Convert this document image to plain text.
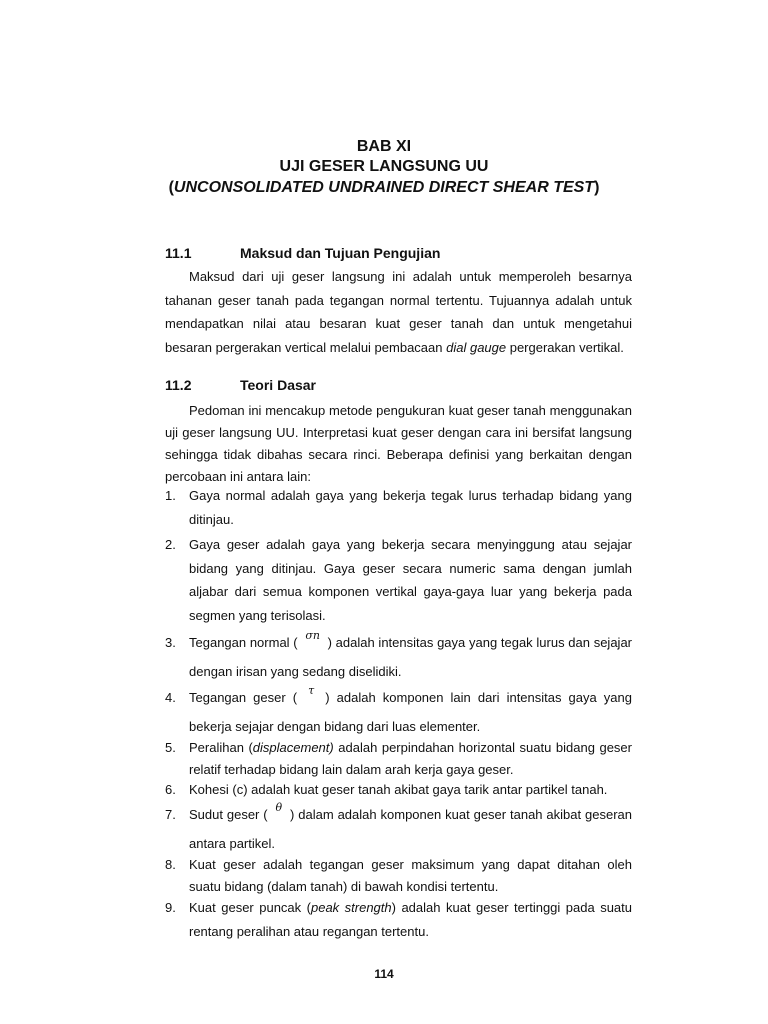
BAB XI
UJI GESER LANGSUNG UU
(UNCONSOLIDATED UNDRAINED DIRECT SHEAR TEST)
11.1	Maksud dan Tujuan Pengujian
Maksud dari uji geser langsung ini adalah untuk memperoleh besarnya tahanan geser tanah pada tegangan normal tertentu. Tujuannya adalah untuk mendapatkan nilai atau besaran kuat geser tanah dan untuk mengetahui besaran pergerakan vertical melalui pembacaan dial gauge pergerakan vertikal.
11.2	Teori Dasar
Pedoman ini mencakup metode pengukuran kuat geser tanah menggunakan uji geser langsung UU. Interpretasi kuat geser dengan cara ini bersifat langsung sehingga tidak dibahas secara rinci. Beberapa definisi yang berkaitan dengan percobaan ini antara lain:
1. Gaya normal adalah gaya yang bekerja tegak lurus terhadap bidang yang ditinjau.
2. Gaya geser adalah gaya yang bekerja secara menyinggung atau sejajar bidang yang ditinjau. Gaya geser secara numeric sama dengan jumlah aljabar dari semua komponen vertikal gaya-gaya luar yang bekerja pada segmen yang terisolasi.
3. Tegangan normal ( σn ) adalah intensitas gaya yang tegak lurus dan sejajar dengan irisan yang sedang diselidiki.
4. Tegangan geser ( τ ) adalah komponen lain dari intensitas gaya yang bekerja sejajar dengan bidang dari luas elementer.
5. Peralihan (displacement) adalah perpindahan horizontal suatu bidang geser relatif terhadap bidang lain dalam arah kerja gaya geser.
6. Kohesi (c) adalah kuat geser tanah akibat gaya tarik antar partikel tanah.
7. Sudut geser ( θ ) dalam adalah komponen kuat geser tanah akibat geseran antara partikel.
8. Kuat geser adalah tegangan geser maksimum yang dapat ditahan oleh suatu bidang (dalam tanah) di bawah kondisi tertentu.
9. Kuat geser puncak (peak strength) adalah kuat geser tertinggi pada suatu rentang peralihan atau regangan tertentu.
114
